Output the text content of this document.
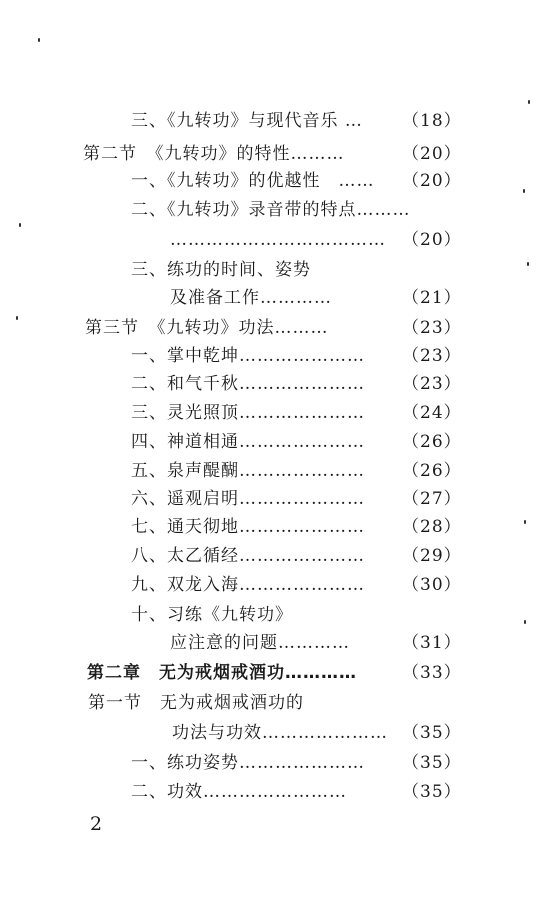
三、《九转功》与现代音乐 … （18）
第二节　《九转功》的特性………	（20）
一、《九转功》的优越性　…… （20）
二、《九转功》录音带的特点………
……………………………… （20）
三、练功的时间、姿势
及准备工作…………	（21）
第三节　《九转功》功法………	（23）
一、掌中乾坤………………… （23）
二、和气千秋………………… （23）
三、灵光照顶………………… （24）
四、神道相通………………… （26）
五、泉声醍醐………………… （26）
六、遥观启明………………… （27）
七、通天彻地………………… （28）
八、太乙循经………………… （29）
九、双龙入海………………… （30）
十、习练《九转功》
应注意的问题…………	（31）
第二章　无为戒烟戒酒功…………	（33）
第一节　无为戒烟戒酒功的
功法与功效………………… （35）
一、练功姿势………………… （35）
二、功效……………………	（35）
2
